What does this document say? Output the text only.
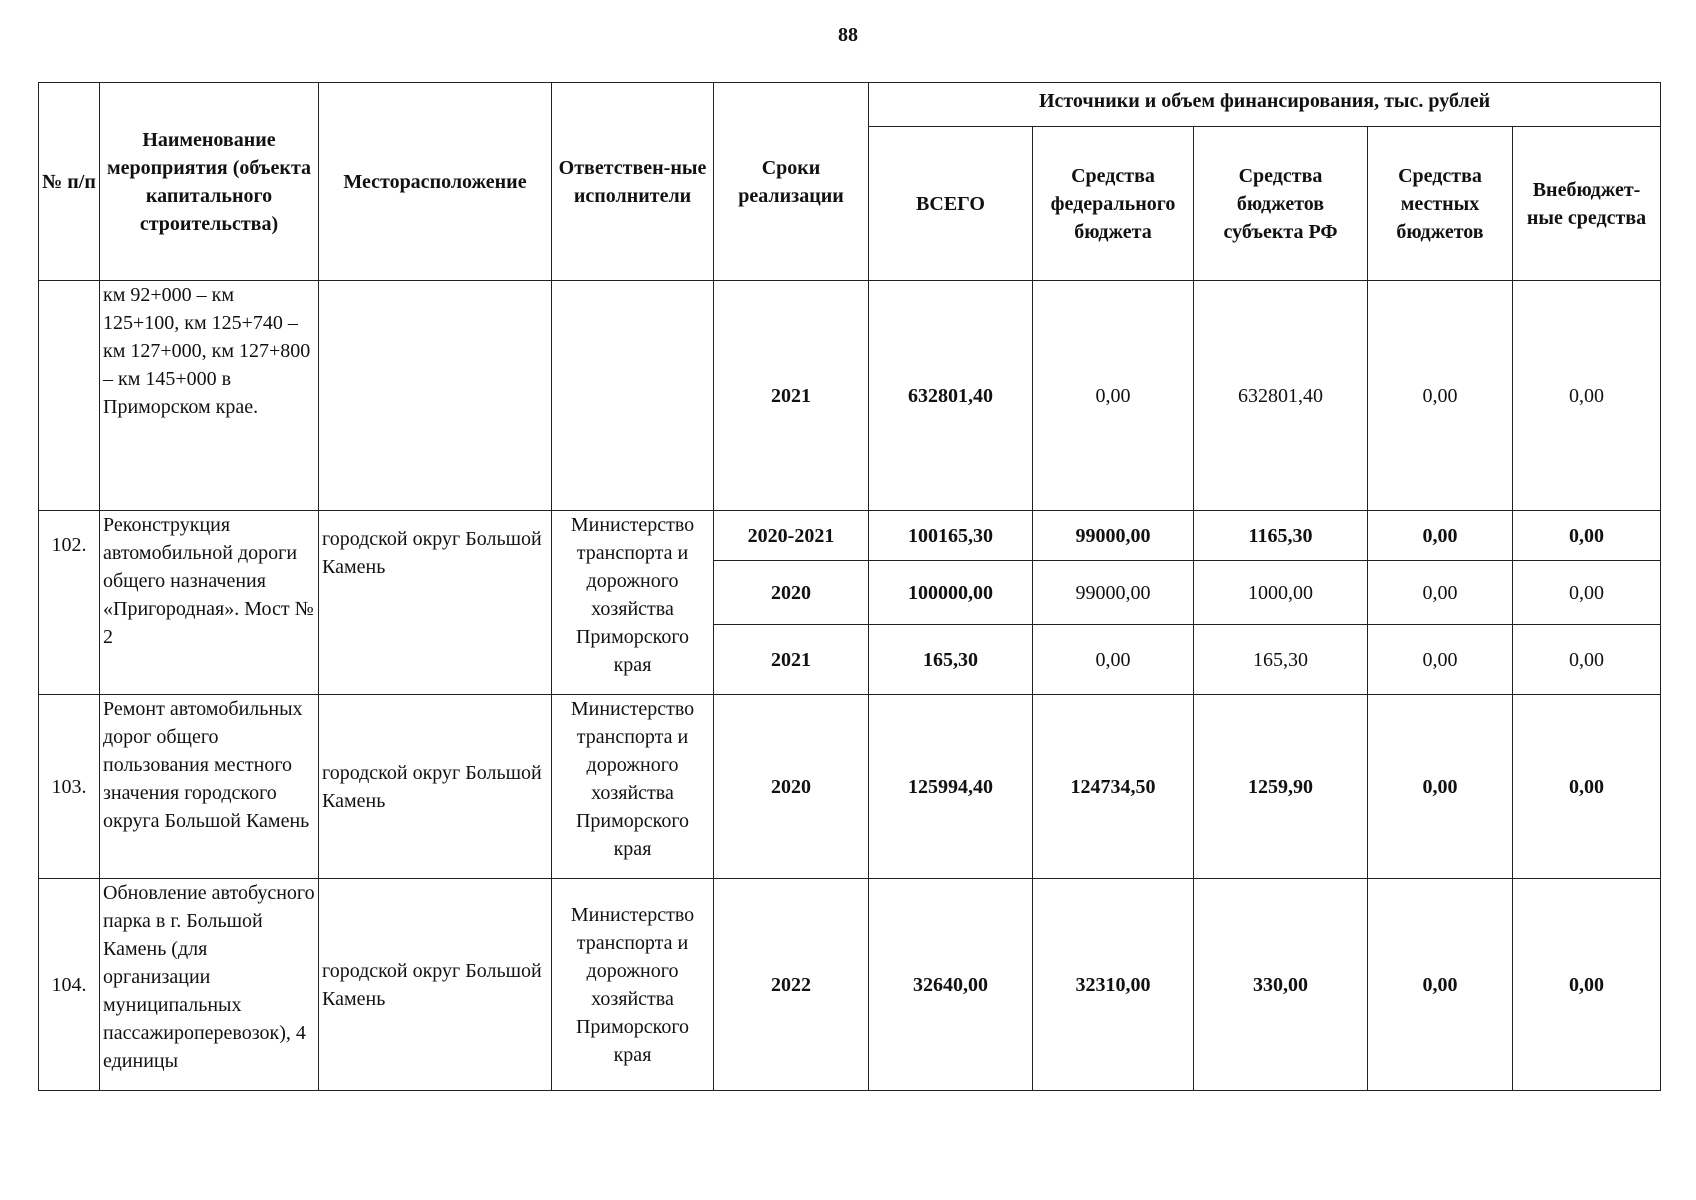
88
№ п/п	Наименование мероприятия (объекта капитального строительства)	Месторасположение	Ответствен-ные исполнители	Сроки реализации	Источники и объем финансирования, тыс. рублей				
					ВСЕГО	Средства федерального бюджета	Средства бюджетов субъекта РФ	Средства местных бюджетов	Внебюджет-ные средства
	км 92+000 – км 125+100, км 125+740 – км 127+000, км 127+800 – км 145+000 в Приморском крае.			2021	632801,40	0,00	632801,40	0,00	0,00
102.	Реконструкция автомобильной дороги общего назначения «Пригородная». Мост № 2	городской округ Большой Камень	Министерство транспорта и дорожного хозяйства Приморского края	2020-2021	100165,30	99000,00	1165,30	0,00	0,00
				2020	100000,00	99000,00	1000,00	0,00	0,00
				2021	165,30	0,00	165,30	0,00	0,00
103.	Ремонт автомобильных дорог общего пользования местного значения городского округа Большой Камень	городской округ Большой Камень	Министерство транспорта и дорожного хозяйства Приморского края	2020	125994,40	124734,50	1259,90	0,00	0,00
104.	Обновление автобусного парка в г. Большой Камень (для организации муниципальных пассажироперевозок), 4 единицы	городской округ Большой Камень	Министерство транспорта и дорожного хозяйства Приморского края	2022	32640,00	32310,00	330,00	0,00	0,00
